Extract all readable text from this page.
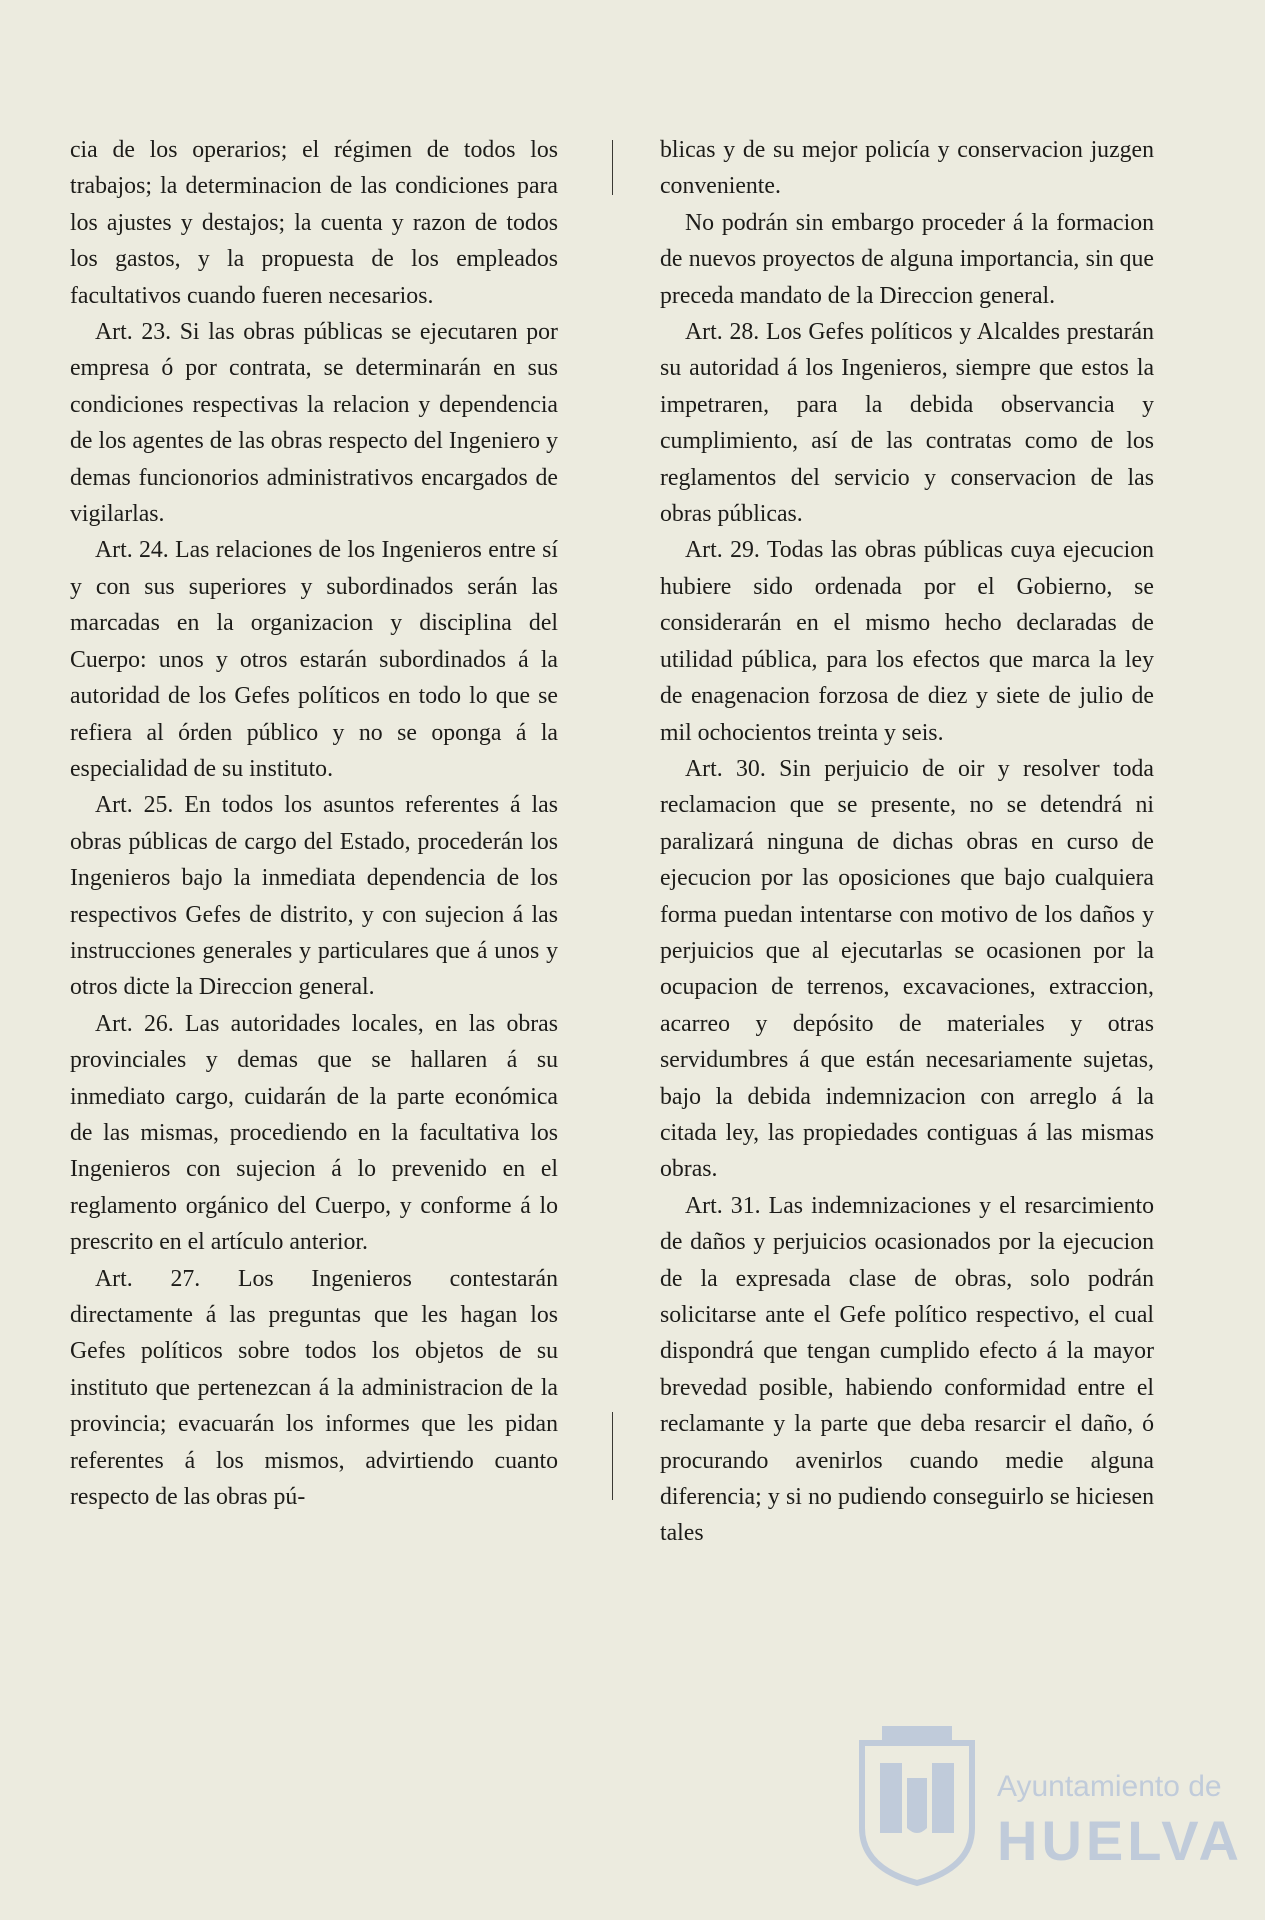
cia de los operarios; el régimen de todos los trabajos; la determinacion de las condiciones para los ajustes y destajos; la cuenta y razon de todos los gastos, y la propuesta de los empleados facultativos cuando fueren necesarios.

Art. 23. Si las obras públicas se ejecutaren por empresa ó por contrata, se determinarán en sus condiciones respectivas la relacion y dependencia de los agentes de las obras respecto del Ingeniero y demas funcionorios administrativos encargados de vigilarlas.

Art. 24. Las relaciones de los Ingenieros entre sí y con sus superiores y subordinados serán las marcadas en la organizacion y disciplina del Cuerpo: unos y otros estarán subordinados á la autoridad de los Gefes políticos en todo lo que se refiera al órden público y no se oponga á la especialidad de su instituto.

Art. 25. En todos los asuntos referentes á las obras públicas de cargo del Estado, procederán los Ingenieros bajo la inmediata dependencia de los respectivos Gefes de distrito, y con sujecion á las instrucciones generales y particulares que á unos y otros dicte la Direccion general.

Art. 26. Las autoridades locales, en las obras provinciales y demas que se hallaren á su inmediato cargo, cuidarán de la parte económica de las mismas, procediendo en la facultativa los Ingenieros con sujecion á lo prevenido en el reglamento orgánico del Cuerpo, y conforme á lo prescrito en el artículo anterior.

Art. 27. Los Ingenieros contestarán directamente á las preguntas que les hagan los Gefes políticos sobre todos los objetos de su instituto que pertenezcan á la administracion de la provincia; evacuarán los informes que les pidan referentes á los mismos, advirtiendo cuanto respecto de las obras pú-

blicas y de su mejor policía y conservacion juzgen conveniente.

No podrán sin embargo proceder á la formacion de nuevos proyectos de alguna importancia, sin que preceda mandato de la Direccion general.

Art. 28. Los Gefes políticos y Alcaldes prestarán su autoridad á los Ingenieros, siempre que estos la impetraren, para la debida observancia y cumplimiento, así de las contratas como de los reglamentos del servicio y conservacion de las obras públicas.

Art. 29. Todas las obras públicas cuya ejecucion hubiere sido ordenada por el Gobierno, se considerarán en el mismo hecho declaradas de utilidad pública, para los efectos que marca la ley de enagenacion forzosa de diez y siete de julio de mil ochocientos treinta y seis.

Art. 30. Sin perjuicio de oir y resolver toda reclamacion que se presente, no se detendrá ni paralizará ninguna de dichas obras en curso de ejecucion por las oposiciones que bajo cualquiera forma puedan intentarse con motivo de los daños y perjuicios que al ejecutarlas se ocasionen por la ocupacion de terrenos, excavaciones, extraccion, acarreo y depósito de materiales y otras servidumbres á que están necesariamente sujetas, bajo la debida indemnizacion con arreglo á la citada ley, las propiedades contiguas á las mismas obras.

Art. 31. Las indemnizaciones y el resarcimiento de daños y perjuicios ocasionados por la ejecucion de la expresada clase de obras, solo podrán solicitarse ante el Gefe político respectivo, el cual dispondrá que tengan cumplido efecto á la mayor brevedad posible, habiendo conformidad entre el reclamante y la parte que deba resarcir el daño, ó procurando avenirlos cuando medie alguna diferencia; y si no pudiendo conseguirlo se hiciesen tales

Ayuntamiento de
HUELVA
